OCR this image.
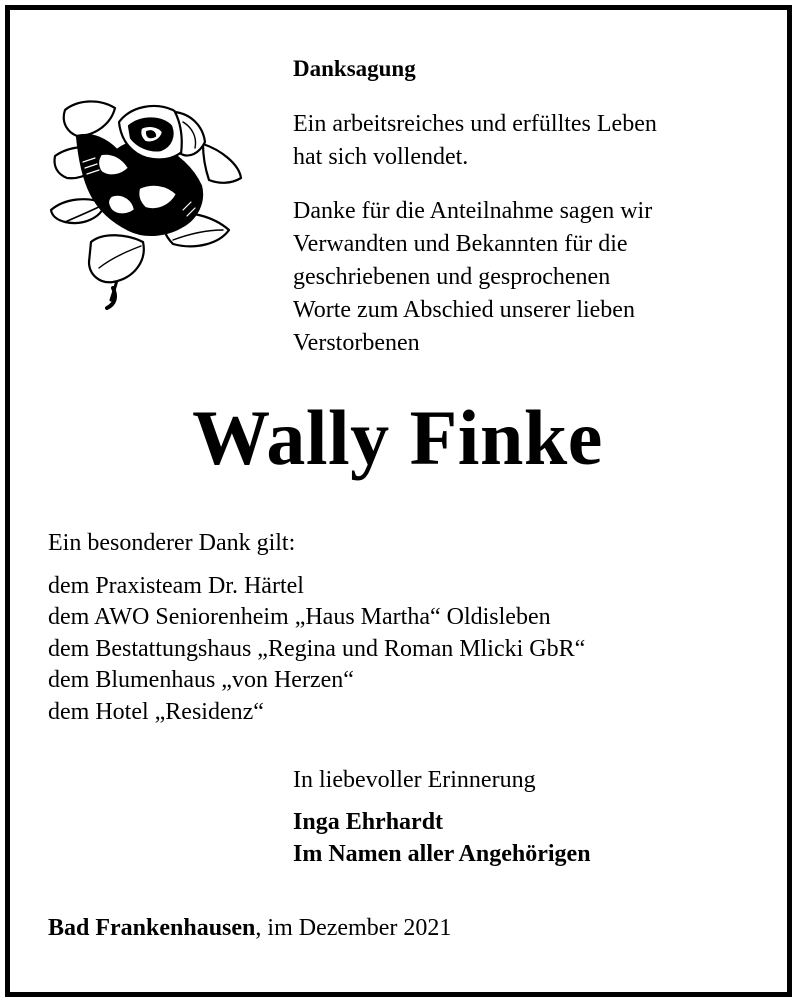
Danksagung
Ein arbeitsreiches und erfülltes Leben
hat sich vollendet.
Danke für die Anteilnahme sagen wir
Verwandten und Bekannten für die
geschriebenen und gesprochenen
Worte zum Abschied unserer lieben
Verstorbenen
Wally Finke
Ein besonderer Dank gilt:
dem Praxisteam Dr. Härtel
dem AWO Seniorenheim „Haus Martha“ Oldisleben
dem Bestattungshaus „Regina und Roman Mlicki GbR“
dem Blumenhaus „von Herzen“
dem Hotel „Residenz“
In liebevoller Erinnerung
Inga Ehrhardt
Im Namen aller Angehörigen
Bad Frankenhausen, im Dezember 2021
